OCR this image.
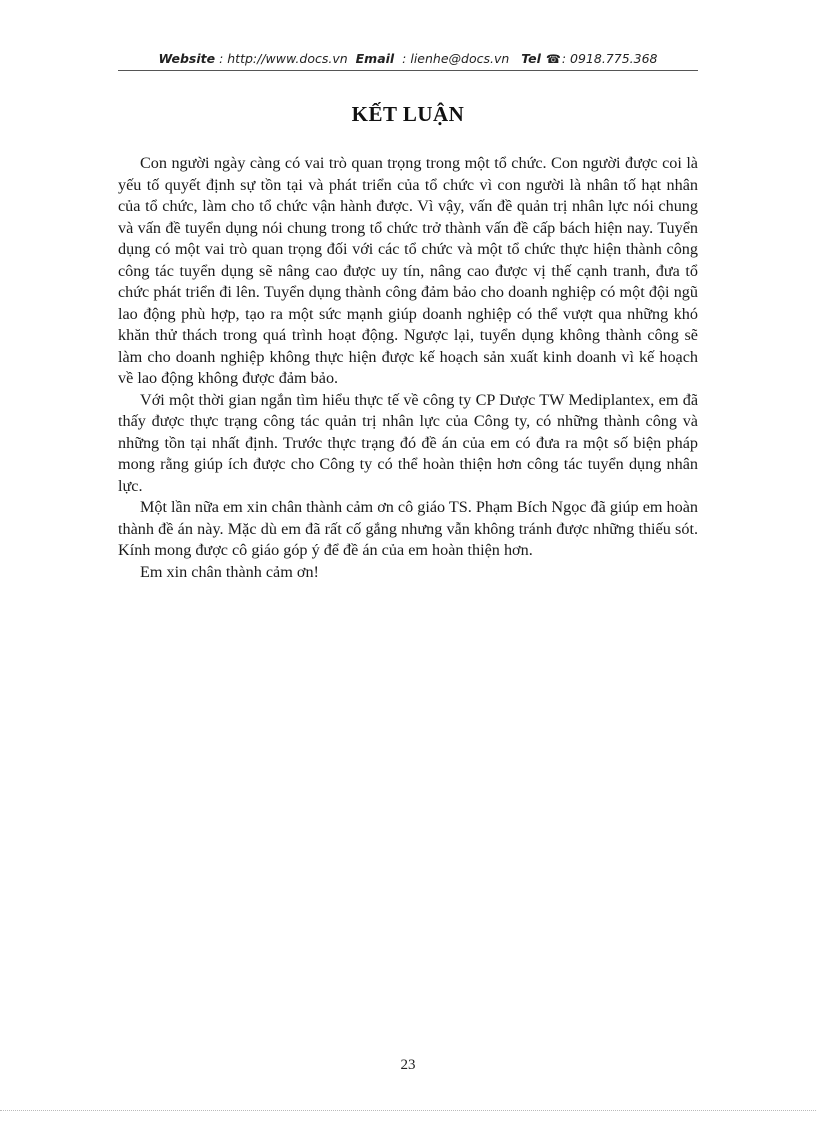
Website : http://www.docs.vn Email : lienhe@docs.vn Tel ☎: 0918.775.368
KẾT LUẬN

Con người ngày càng có vai trò quan trọng trong một tổ chức. Con người được coi là yếu tố quyết định sự tồn tại và phát triển của tổ chức vì con người là nhân tố hạt nhân của tổ chức, làm cho tổ chức vận hành được. Vì vậy, vấn đề quản trị nhân lực nói chung và vấn đề tuyển dụng nói chung trong tổ chức trở thành vấn đề cấp bách hiện nay. Tuyển dụng có một vai trò quan trọng đối với các tổ chức và một tổ chức thực hiện thành công công tác tuyển dụng sẽ nâng cao được uy tín, nâng cao được vị thế cạnh tranh, đưa tổ chức phát triển đi lên. Tuyển dụng thành công đảm bảo cho doanh nghiệp có một đội ngũ lao động phù hợp, tạo ra một sức mạnh giúp doanh nghiệp có thể vượt qua những khó khăn thử thách trong quá trình hoạt động. Ngược lại, tuyển dụng không thành công sẽ làm cho doanh nghiệp không thực hiện được kế hoạch sản xuất kinh doanh vì kế hoạch về lao động không được đảm bảo.

Với một thời gian ngắn tìm hiểu thực tế về công ty CP Dược TW Mediplantex, em đã thấy được thực trạng công tác quản trị nhân lực của Công ty, có những thành công và những tồn tại nhất định. Trước thực trạng đó đề án của em có đưa ra một số biện pháp mong rằng giúp ích được cho Công ty có thể hoàn thiện hơn công tác tuyển dụng nhân lực.

Một lần nữa em xin chân thành cảm ơn cô giáo TS. Phạm Bích Ngọc đã giúp em hoàn thành đề án này. Mặc dù em đã rất cố gắng nhưng vẫn không tránh được những thiếu sót. Kính mong được cô giáo góp ý để đề án của em hoàn thiện hơn.

Em xin chân thành cảm ơn!

23
